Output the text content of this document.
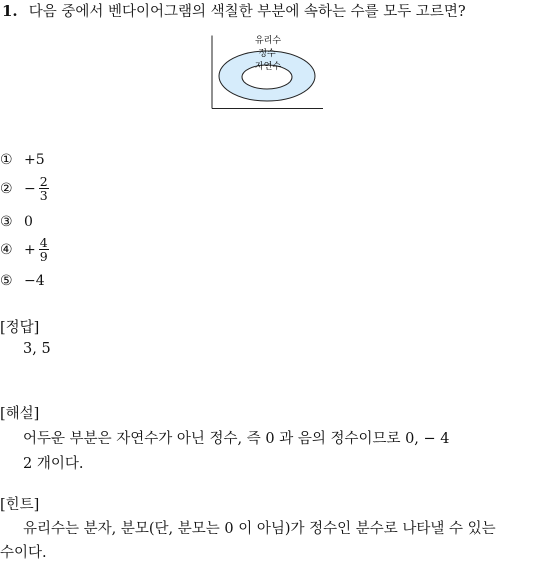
1. 다음 중에서 벤다이어그램의 색칠한 부분에 속하는 수를 모두 고르면?
유리수
정수
자연수
① +5
② − $\frac{2}{3}$
③ 0
④ + $\frac{4}{9}$
⑤ −4
[정답]
3, 5
[해설]
어두운 부분은 자연수가 아닌 정수, 즉 0 과 음의 정수이므로 0, − 4
2 개이다.
[힌트]
유리수는 분자, 분모(단, 분모는 0 이 아님)가 정수인 분수로 나타낼 수 있는
수이다.
